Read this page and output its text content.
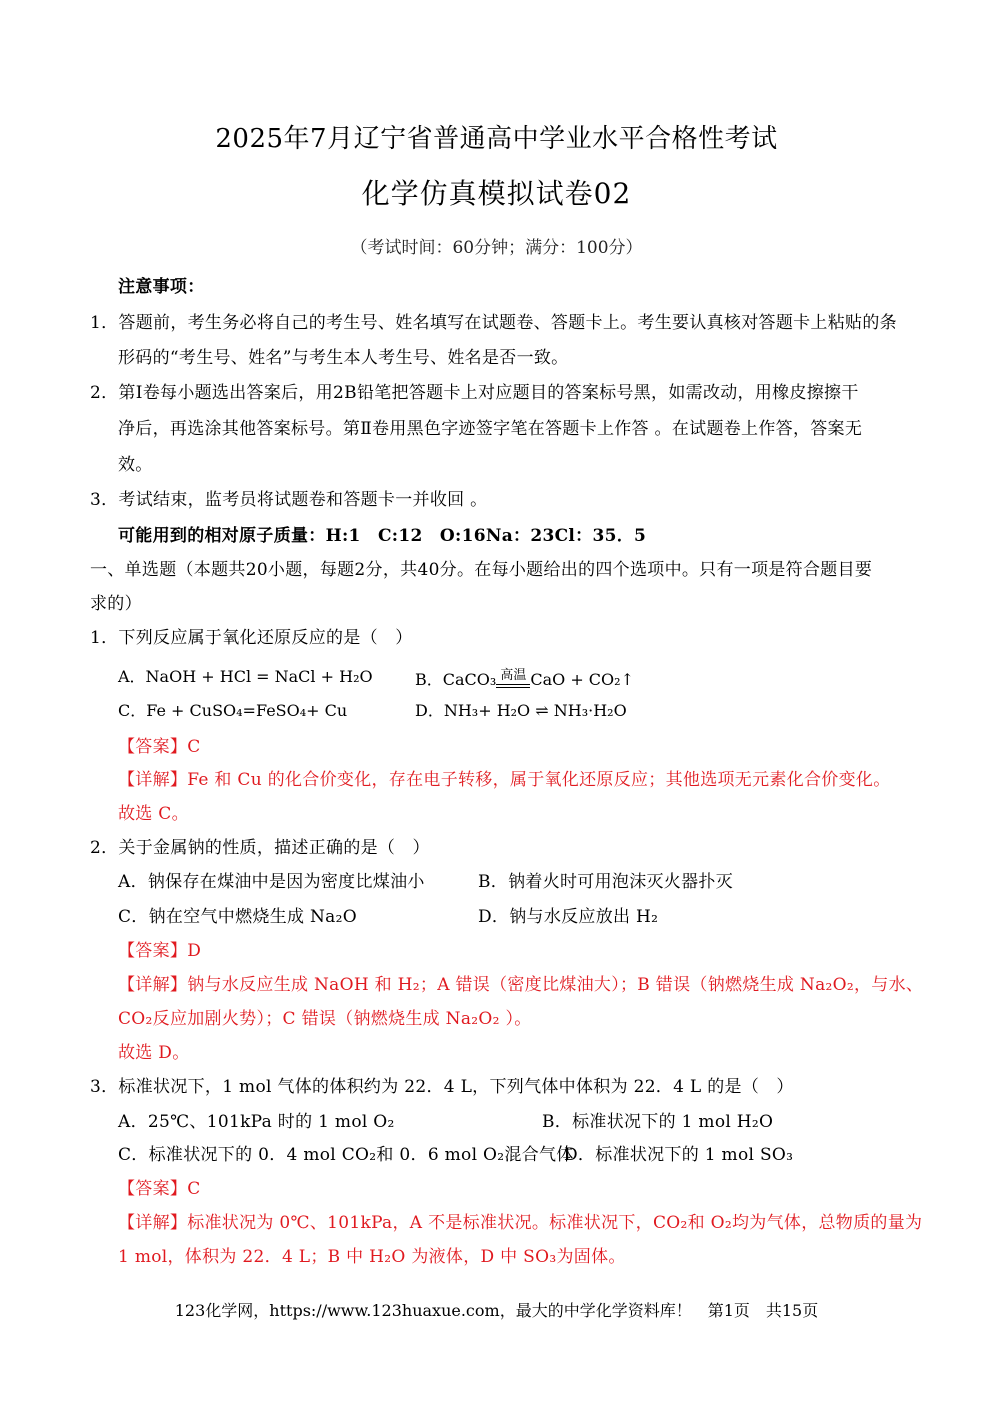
2025年7月辽宁省普通高中学业水平合格性考试
化学仿真模拟试卷02
（考试时间：60分钟；满分：100分）
注意事项：
1．答题前，考生务必将自己的考生号、姓名填写在试题卷、答题卡上。考生要认真核对答题卡上粘贴的条
形码的“考生号、姓名”与考生本人考生号、姓名是否一致。
2．第Ⅰ卷每小题选出答案后，用2B铅笔把答题卡上对应题目的答案标号黑，如需改动，用橡皮擦擦干
净后，再选涂其他答案标号。第Ⅱ卷用黑色字迹签字笔在答题卡上作答 。在试题卷上作答，答案无
效。
3．考试结束，监考员将试题卷和答题卡一并收回 。
可能用到的相对原子质量：H:1　C:12　O:16Na：23Cl：35．5
一、单选题（本题共20小题，每题2分，共40分。在每小题给出的四个选项中。只有一项是符合题目要
求的）
1．下列反应属于氧化还原反应的是（　）
A．NaOH + HCl = NaCl + H₂O	B．CaCO₃ 高温 CaO + CO₂↑
C．Fe + CuSO₄=FeSO₄+ Cu	D．NH₃+ H₂O ⇌ NH₃·H₂O
【答案】C
【详解】Fe 和 Cu 的化合价变化，存在电子转移，属于氧化还原反应；其他选项无元素化合价变化。
故选 C。
2．关于金属钠的性质，描述正确的是（　）
A．钠保存在煤油中是因为密度比煤油小	B．钠着火时可用泡沫灭火器扑灭
C．钠在空气中燃烧生成 Na₂O	D．钠与水反应放出 H₂
【答案】D
【详解】钠与水反应生成 NaOH 和 H₂；A 错误（密度比煤油大）；B 错误（钠燃烧生成 Na₂O₂，与水、
CO₂反应加剧火势）；C 错误（钠燃烧生成 Na₂O₂ ）。
故选 D。
3．标准状况下，1 mol 气体的体积约为 22．4 L，下列气体中体积为 22．4 L 的是（　）
A．25℃、101kPa 时的 1 mol O₂	B．标准状况下的 1 mol H₂O
C．标准状况下的 0．4 mol CO₂和 0．6 mol O₂混合气体
D．标准状况下的 1 mol SO₃
【答案】C
【详解】标准状况为 0℃、101kPa，A 不是标准状况。标准状况下，CO₂和 O₂均为气体，总物质的量为
1 mol，体积为 22．4 L；B 中 H₂O 为液体，D 中 SO₃为固体。
123化学网，https://www.123huaxue.com，最大的中学化学资料库！　第1页　共15页
